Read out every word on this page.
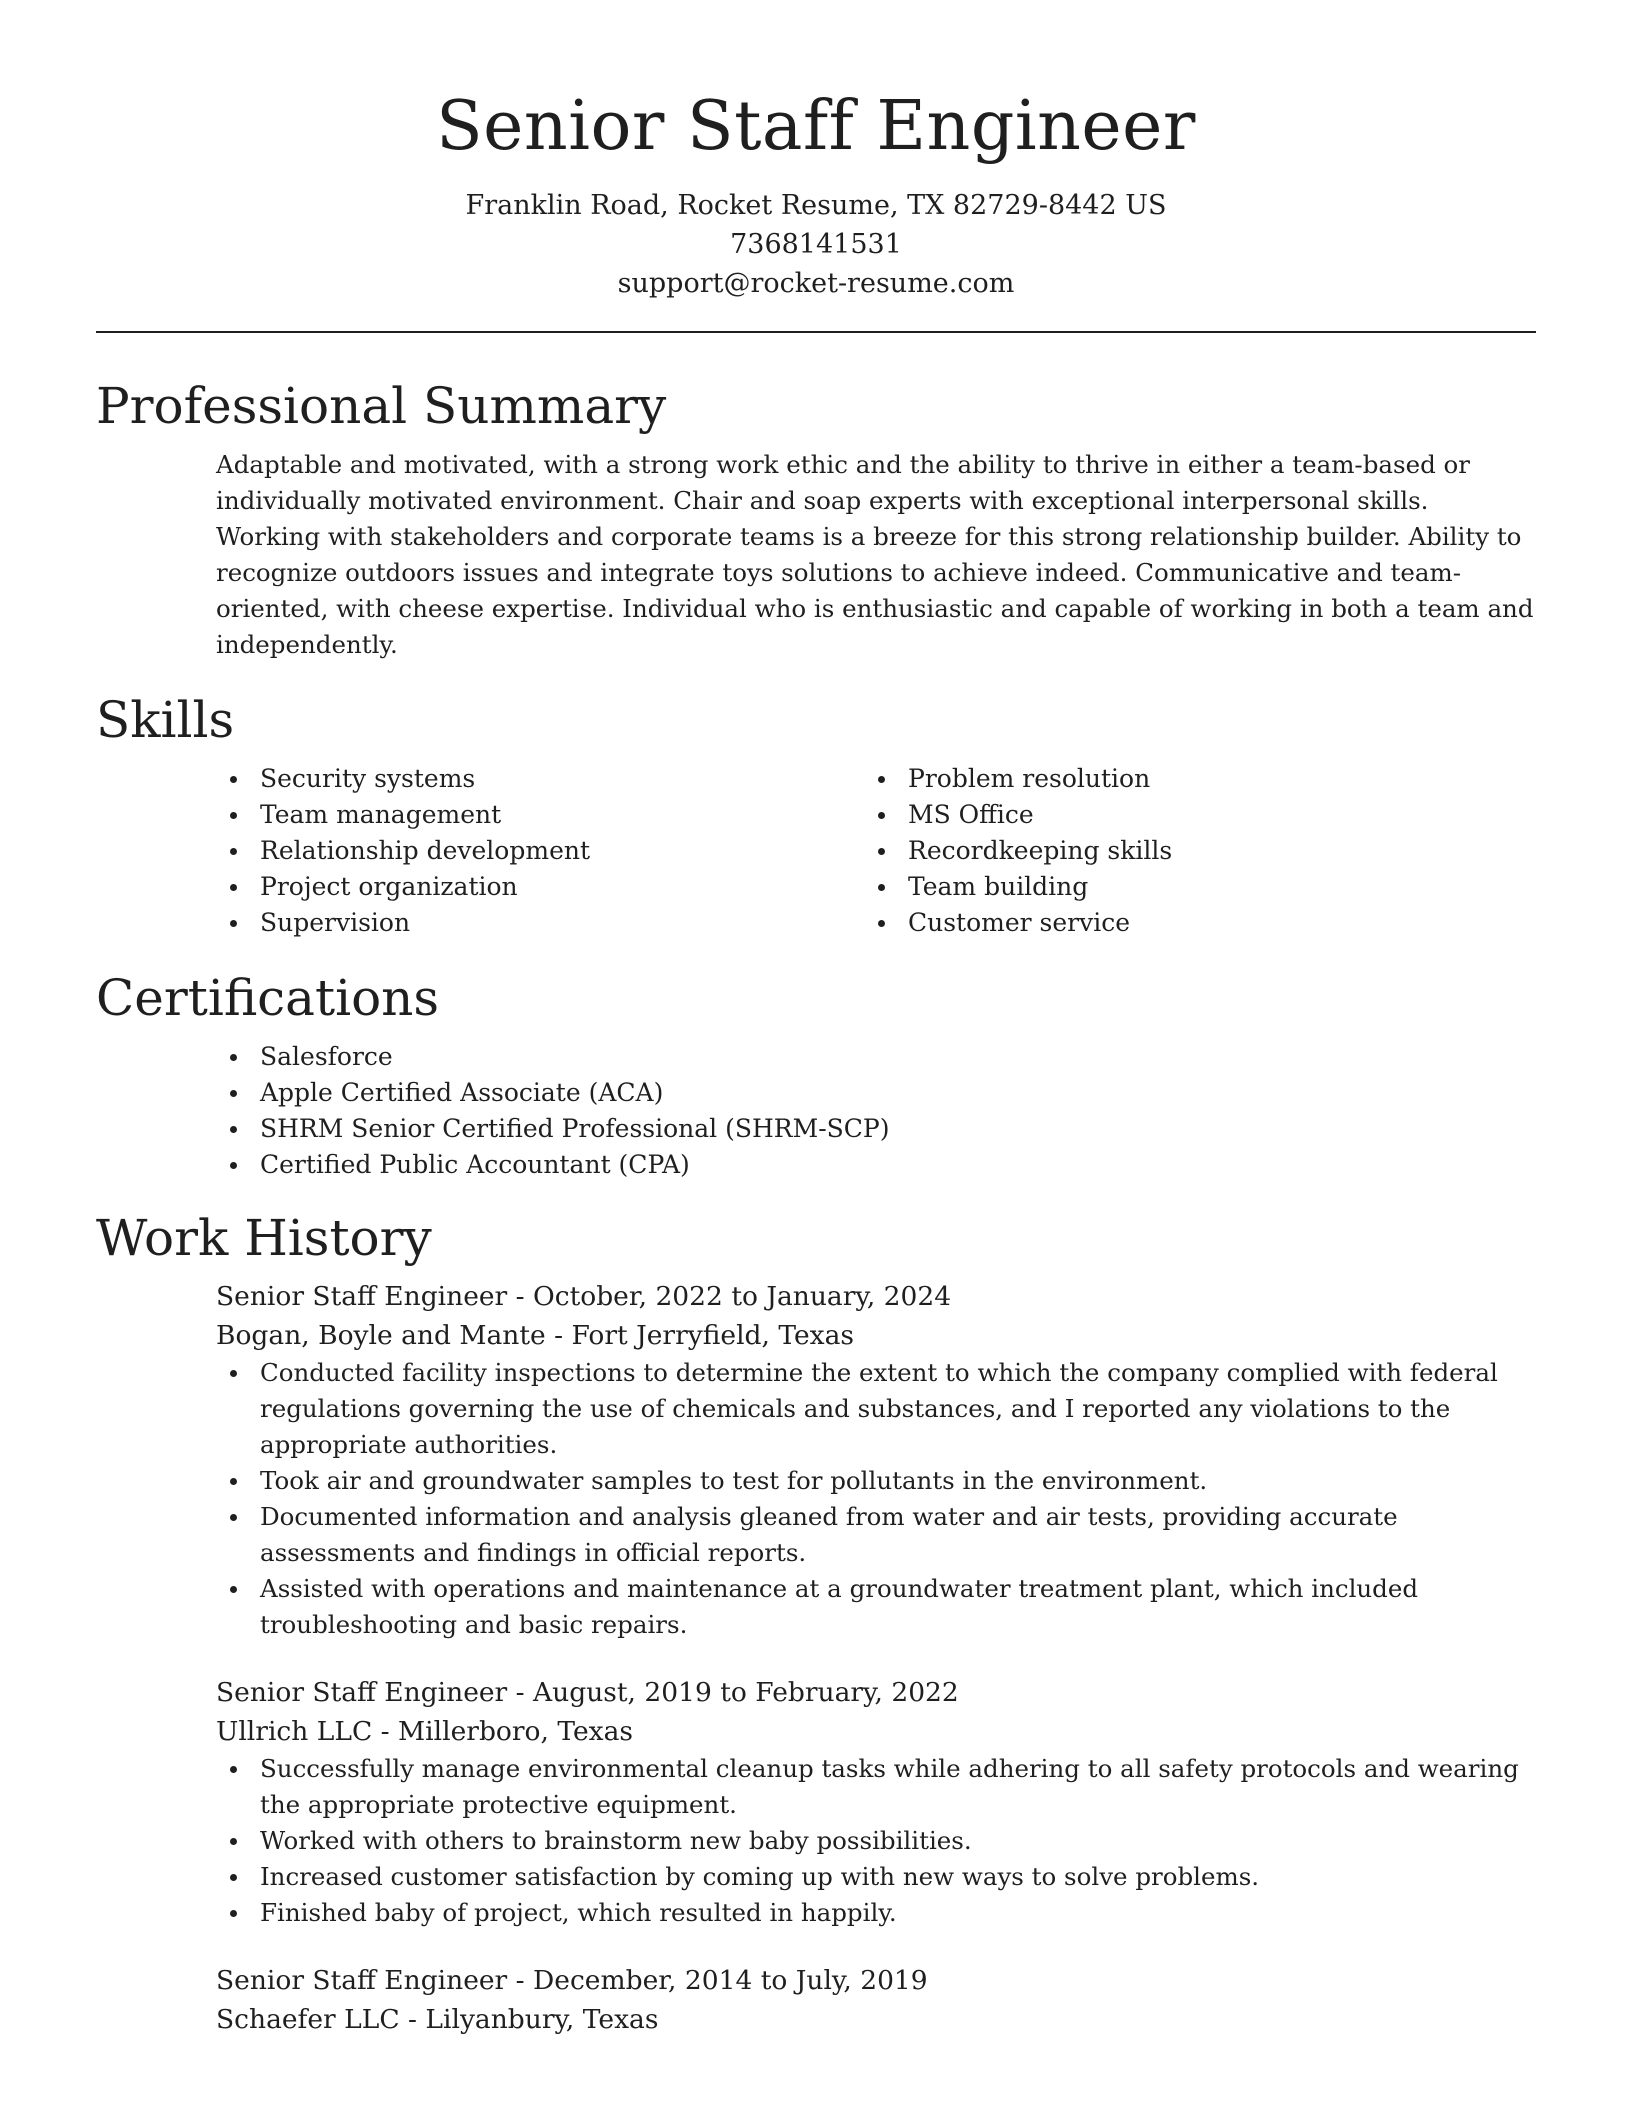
Senior Staff Engineer
Franklin Road, Rocket Resume, TX 82729-8442 US
7368141531
support@rocket-resume.com
Professional Summary

Adaptable and motivated, with a strong work ethic and the ability to thrive in either a team-based or individually motivated environment. Chair and soap experts with exceptional interpersonal skills. Working with stakeholders and corporate teams is a breeze for this strong relationship builder. Ability to recognize outdoors issues and integrate toys solutions to achieve indeed. Communicative and team-oriented, with cheese expertise. Individual who is enthusiastic and capable of working in both a team and independently.

Skills
Security systems
Team management
Relationship development
Project organization
Supervision
Problem resolution
MS Office
Recordkeeping skills
Team building
Customer service
Certifications
Salesforce
Apple Certified Associate (ACA)
SHRM Senior Certified Professional (SHRM-SCP)
Certified Public Accountant (CPA)
Work History
Senior Staff Engineer - October, 2022 to January, 2024
Bogan, Boyle and Mante - Fort Jerryfield, Texas
Conducted facility inspections to determine the extent to which the company complied with federal regulations governing the use of chemicals and substances, and I reported any violations to the appropriate authorities.
Took air and groundwater samples to test for pollutants in the environment.
Documented information and analysis gleaned from water and air tests, providing accurate assessments and findings in official reports.
Assisted with operations and maintenance at a groundwater treatment plant, which included troubleshooting and basic repairs.
Senior Staff Engineer - August, 2019 to February, 2022
Ullrich LLC - Millerboro, Texas
Successfully manage environmental cleanup tasks while adhering to all safety protocols and wearing the appropriate protective equipment.
Worked with others to brainstorm new baby possibilities.
Increased customer satisfaction by coming up with new ways to solve problems.
Finished baby of project, which resulted in happily.
Senior Staff Engineer - December, 2014 to July, 2019
Schaefer LLC - Lilyanbury, Texas
